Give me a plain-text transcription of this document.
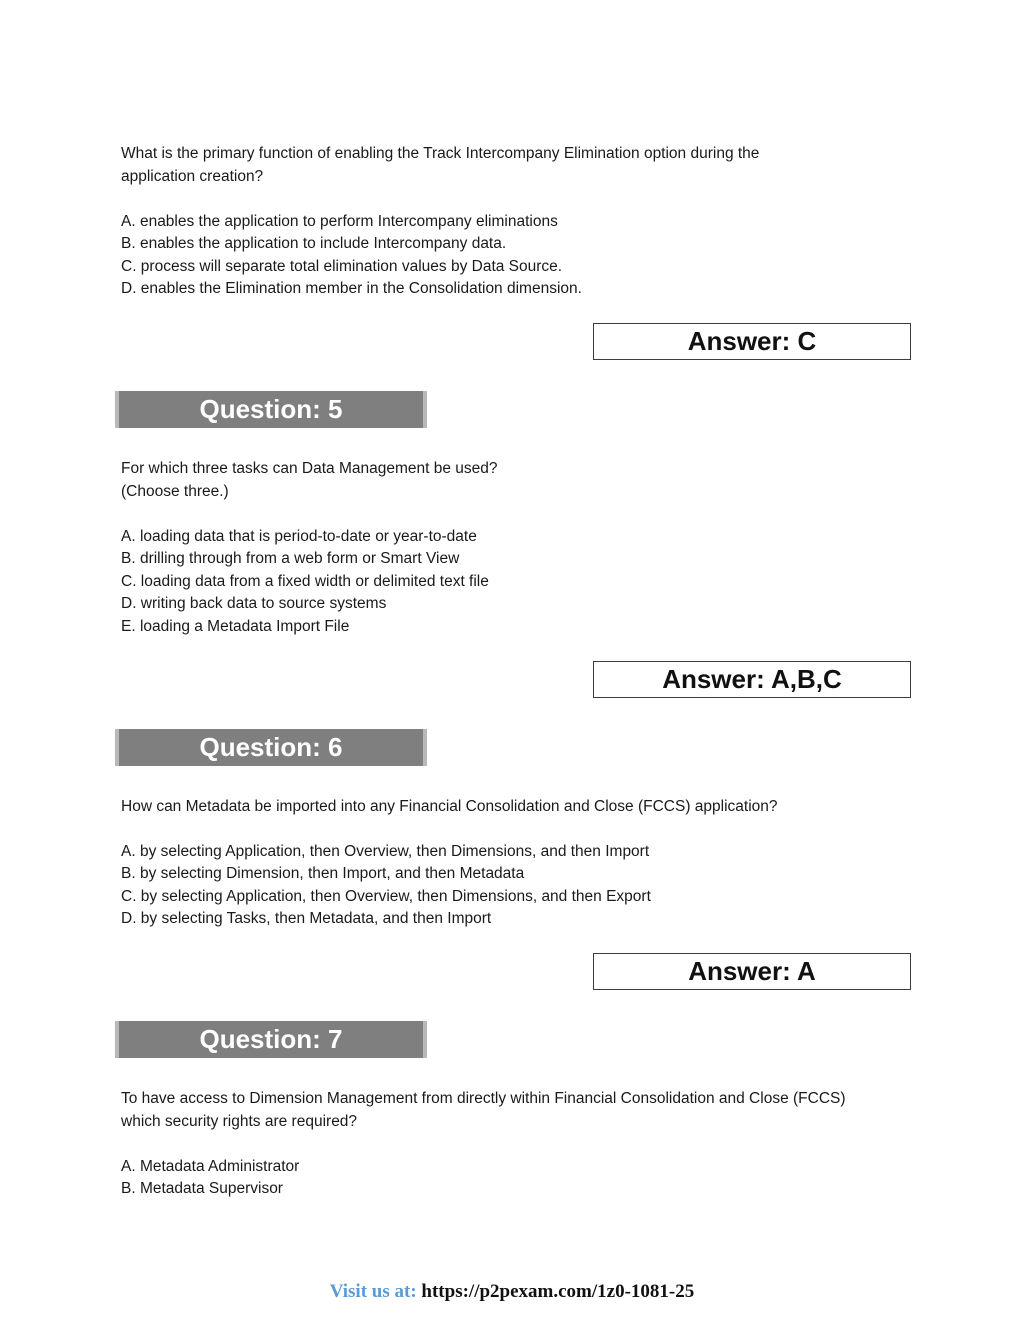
What is the primary function of enabling the Track Intercompany Elimination option during the

application creation?

A. enables the application to perform Intercompany eliminations

B. enables the application to include Intercompany data.

C. process will separate total elimination values by Data Source.

D. enables the Elimination member in the Consolidation dimension.

Answer: C
Question: 5

For which three tasks can Data Management be used?

(Choose three.)

A. loading data that is period-to-date or year-to-date

B. drilling through from a web form or Smart View

C. loading data from a fixed width or delimited text file

D. writing back data to source systems

E. loading a Metadata Import File

Answer: A,B,C
Question: 6

How can Metadata be imported into any Financial Consolidation and Close (FCCS) application?

A. by selecting Application, then Overview, then Dimensions, and then Import

B. by selecting Dimension, then Import, and then Metadata

C. by selecting Application, then Overview, then Dimensions, and then Export

D. by selecting Tasks, then Metadata, and then Import

Answer: A
Question: 7

To have access to Dimension Management from directly within Financial Consolidation and Close (FCCS)

which security rights are required?

A. Metadata Administrator

B. Metadata Supervisor

Visit us at: https://p2pexam.com/1z0-1081-25
